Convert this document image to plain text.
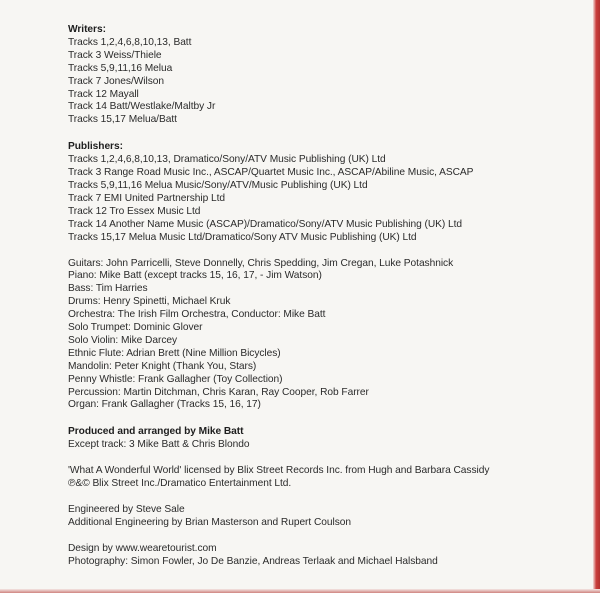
Writers:
Tracks 1,2,4,6,8,10,13, Batt
Track 3 Weiss/Thiele
Tracks 5,9,11,16 Melua
Track 7 Jones/Wilson
Track 12 Mayall
Track 14 Batt/Westlake/Maltby Jr
Tracks 15,17 Melua/Batt
Publishers:
Tracks 1,2,4,6,8,10,13, Dramatico/Sony/ATV Music Publishing (UK) Ltd
Track 3 Range Road Music Inc., ASCAP/Quartet Music Inc., ASCAP/Abiline Music, ASCAP
Tracks 5,9,11,16 Melua Music/Sony/ATV/Music Publishing (UK) Ltd
Track 7 EMI United Partnership Ltd
Track 12 Tro Essex Music Ltd
Track 14 Another Name Music (ASCAP)/Dramatico/Sony/ATV Music Publishing (UK) Ltd
Tracks 15,17 Melua Music Ltd/Dramatico/Sony ATV Music Publishing (UK) Ltd
Guitars: John Parricelli, Steve Donnelly, Chris Spedding, Jim Cregan, Luke Potashnick
Piano: Mike Batt (except tracks 15, 16, 17, - Jim Watson)
Bass: Tim Harries
Drums: Henry Spinetti, Michael Kruk
Orchestra: The Irish Film Orchestra, Conductor: Mike Batt
Solo Trumpet: Dominic Glover
Solo Violin: Mike Darcey
Ethnic Flute: Adrian Brett (Nine Million Bicycles)
Mandolin: Peter Knight (Thank You, Stars)
Penny Whistle: Frank Gallagher (Toy Collection)
Percussion: Martin Ditchman, Chris Karan, Ray Cooper, Rob Farrer
Organ: Frank Gallagher (Tracks 15, 16, 17)
Produced and arranged by Mike Batt
Except track: 3 Mike Batt & Chris Blondo
'What A Wonderful World' licensed by Blix Street Records Inc. from Hugh and Barbara Cassidy
℗&© Blix Street Inc./Dramatico Entertainment Ltd.
Engineered by Steve Sale
Additional Engineering by Brian Masterson and Rupert Coulson
Design by www.wearetourist.com
Photography: Simon Fowler, Jo De Banzie, Andreas Terlaak and Michael Halsband
